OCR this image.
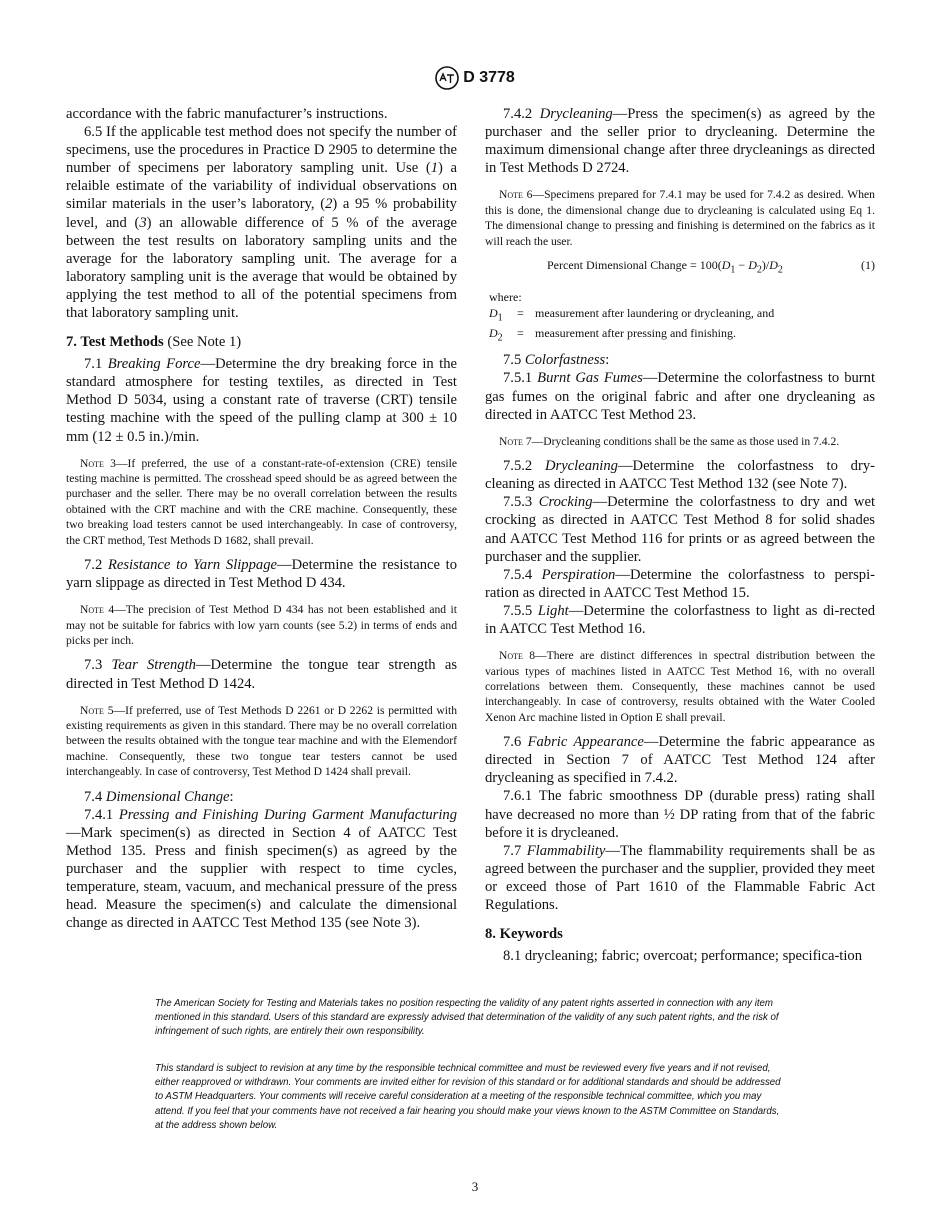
D 3778

accordance with the fabric manufacturer’s instructions.

6.5 If the applicable test method does not specify the number of specimens, use the procedures in Practice D 2905 to determine the number of specimens per laboratory sampling unit. Use (1) a relaible estimate of the variability of individual observations on similar materials in the user’s laboratory, (2) a 95 % probability level, and (3) an allowable difference of 5 % of the average between the test results on laboratory sampling units and the average for the laboratory sampling unit. The average for a laboratory sampling unit is the average that would be obtained by applying the test method to all of the potential specimens from that laboratory sampling unit.

7. Test Methods (See Note 1)

7.1 Breaking Force—Determine the dry breaking force in the standard atmosphere for testing textiles, as directed in Test Method D 5034, using a constant rate of traverse (CRT) tensile testing machine with the speed of the pulling clamp at 300 ± 10 mm (12 ± 0.5 in.)/min.

Note 3—If preferred, the use of a constant-rate-of-extension (CRE) tensile testing machine is permitted. The crosshead speed should be as agreed between the purchaser and the seller. There may be no overall correlation between the results obtained with the CRT machine and with the CRE machine. Consequently, these two breaking load testers cannot be used interchangeably. In case of controversy, the CRT method, Test Methods D 1682, shall prevail.

7.2 Resistance to Yarn Slippage—Determine the resistance to yarn slippage as directed in Test Method D 434.

Note 4—The precision of Test Method D 434 has not been established and it may not be suitable for fabrics with low yarn counts (see 5.2) in terms of ends and picks per inch.

7.3 Tear Strength—Determine the tongue tear strength as directed in Test Method D 1424.

Note 5—If preferred, use of Test Methods D 2261 or D 2262 is permitted with existing requirements as given in this standard. There may be no overall correlation between the results obtained with the tongue tear machine and with the Elemendorf machine. Consequently, these two tongue tear testers cannot be used interchangeably. In case of controversy, Test Method D 1424 shall prevail.

7.4 Dimensional Change:

7.4.1 Pressing and Finishing During Garment Manufacturing—Mark specimen(s) as directed in Section 4 of AATCC Test Method 135. Press and finish specimen(s) as agreed by the purchaser and the supplier with respect to time cycles, temperature, steam, vacuum, and mechanical pressure of the press head. Measure the specimen(s) and calculate the dimensional change as directed in AATCC Test Method 135 (see Note 3).

7.4.2 Drycleaning—Press the specimen(s) as agreed by the purchaser and the seller prior to drycleaning. Determine the maximum dimensional change after three drycleanings as directed in Test Methods D 2724.

Note 6—Specimens prepared for 7.4.1 may be used for 7.4.2 as desired. When this is done, the dimensional change due to drycleaning is calculated using Eq 1. The dimensional change to pressing and finishing is determined on the fabrics as it will reach the user.

Percent Dimensional Change = $100(D_1 - D_2)/D_2$	(1)
where:
$D_1$	=	measurement after laundering or drycleaning, and
$D_2$	=	measurement after pressing and finishing.

7.5 Colorfastness:

7.5.1 Burnt Gas Fumes—Determine the colorfastness to burnt gas fumes on the original fabric and after one drycleaning as directed in AATCC Test Method 23.

Note 7—Drycleaning conditions shall be the same as those used in 7.4.2.

7.5.2 Drycleaning—Determine the colorfastness to dry-cleaning as directed in AATCC Test Method 132 (see Note 7).

7.5.3 Crocking—Determine the colorfastness to dry and wet crocking as directed in AATCC Test Method 8 for solid shades and AATCC Test Method 116 for prints or as agreed between the purchaser and the supplier.

7.5.4 Perspiration—Determine the colorfastness to perspi-ration as directed in AATCC Test Method 15.

7.5.5 Light—Determine the colorfastness to light as di-rected in AATCC Test Method 16.

Note 8—There are distinct differences in spectral distribution between the various types of machines listed in AATCC Test Method 16, with no overall correlations between them. Consequently, these machines cannot be used interchangeably. In case of controversy, results obtained with the Water Cooled Xenon Arc machine listed in Option E shall prevail.

7.6 Fabric Appearance—Determine the fabric appearance as directed in Section 7 of AATCC Test Method 124 after drycleaning as specified in 7.4.2.

7.6.1 The fabric smoothness DP (durable press) rating shall have decreased no more than ½ DP rating from that of the fabric before it is drycleaned.

7.7 Flammability—The flammability requirements shall be as agreed between the purchaser and the supplier, provided they meet or exceed those of Part 1610 of the Flammable Fabric Act Regulations.

8. Keywords

8.1 drycleaning; fabric; overcoat; performance; specifica-tion

The American Society for Testing and Materials takes no position respecting the validity of any patent rights asserted in connection with any item mentioned in this standard. Users of this standard are expressly advised that determination of the validity of any such patent rights, and the risk of infringement of such rights, are entirely their own responsibility.
This standard is subject to revision at any time by the responsible technical committee and must be reviewed every five years and if not revised, either reapproved or withdrawn. Your comments are invited either for revision of this standard or for additional standards and should be addressed to ASTM Headquarters. Your comments will receive careful consideration at a meeting of the responsible technical committee, which you may attend. If you feel that your comments have not received a fair hearing you should make your views known to the ASTM Committee on Standards, at the address shown below.
3
